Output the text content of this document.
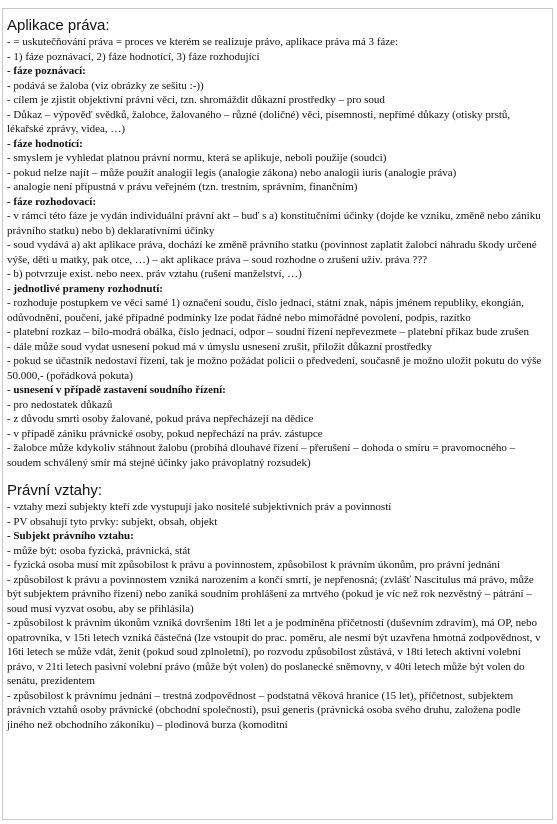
Aplikace práva:

- = uskutečňování práva = proces ve kterém se realizuje právo, aplikace práva má 3 fáze:

- 1) fáze poznávací, 2) fáze hodnotící, 3) fáze rozhodující

- fáze poznávací:

- podává se žaloba (viz obrázky ze sešitu :-))

- cílem je zjistit objektivní právní věci, tzn. shromáždit důkazní prostředky – pro soud

- Důkaz – výpověď svědků, žalobce, žalovaného – různé (doličné) věci, písemnosti, nepřímé důkazy (otisky prstů, lékařské zprávy, videa, …)

- fáze hodnotící:

- smyslem je vyhledat platnou právní normu, která se aplikuje, neboli použije (soudci)

- pokud nelze najít – může použít analogii legis (analogie zákona) nebo analogii iuris (analogie práva)

- analogie není přípustná v právu veřejném (tzn. trestním, správním, finančním)

- fáze rozhodovací:

- v rámci této fáze je vydán individuální právní akt – buď s a) konstitučními účinky (dojde ke vzniku, změně nebo zániku právního statku) nebo b) deklaratívními účinky

- soud vydává a) akt aplikace práva, dochází ke změně právního statku (povinnost zaplatit žalobci náhradu škody určené výše, děti u matky, pak otce, …) – akt aplikace práva – soud rozhodne o zrušení užív. práva ???

- b) potvrzuje exist. nebo neex. práv vztahu (rušení manželství, …)

- jednotlivé prameny rozhodnutí:

- rozhoduje postupkem ve věci samé 1) označení soudu, číslo jednací, státní znak, nápis jménem republiky, ekongián, odůvodnění, poučení, jaké případné podmínky lze podat řádné nebo mimořádné povolení, podpis, razítko

- platební rozkaz – bílo-modrá obálka, číslo jednací, odpor – soudní řízení nepřevezmete – platební příkaz bude zrušen

- dále může soud vydat usnesení pokud má v úmyslu usnesení zrušit, přiložit důkazní prostředky

- pokud se účastník nedostaví řízení, tak je možno požádat policii o předvedení, současně je možno uložit pokutu do výše 50.000,- (pořádková pokuta)

- usnesení v případě zastavení soudního řízení:

- pro nedostatek důkazů

- z důvodu smrti osoby žalované, pokud práva nepřecházejí na dědice

- v případě zániku právnické osoby, pokud nepřechází na práv. zástupce

- žalobce může kdykoliv stáhnout žalobu (probíhá dlouhavé řízení – přerušení – dohoda o smíru = pravomocného – soudem schválený smír má stejné účinky jako právoplatný rozsudek)

Právní vztahy:

- vztahy mezi subjekty kteří zde vystupují jako nositelé subjektivních práv a povinností

- PV obsahují tyto prvky: subjekt, obsah, objekt

- Subjekt právního vztahu:

- může být: osoba fyzická, právnická, stát

- fyzická osoba musí mít způsobilost k právu a povinnostem, způsobilost k právním úkonům, pro právní jednání

- způsobilost k právu a povinnostem vzniká narozením a končí smrtí, je nepřenosná; (zvlášť Nascitulus má právo, může být subjektem právního řízení) nebo zaniká soudním prohlášení za mrtvého (pokud je víc než rok nezvěstný – pátrání – soud musí vyzvat osobu, aby se přihlásila)

- způsobilost k právním úkonům vzniká dovršením 18ti let a je podmíněna příčetností (duševním zdravím), má OP, nebo opatrovníka, v 15ti letech vzniká částečná (lze vstoupit do prac. poměru, ale nesmí být uzavřena hmotná zodpovědnost, v 16ti letech se může vdát, ženit (pokud soud zplnoletní), po rozvodu způsobilost zůstává, v 18ti letech aktivní volební právo, v 21ti letech pasivní volební právo (může být volen) do poslanecké sněmovny, v 40ti letech může být volen do senátu, prezidentem

- způsobilost k právnímu jednání – trestná zodpovědnost – podstatná věková hranice (15 let), příčetnost, subjektem právních vztahů osoby právnické (obchodní společnosti), psui generis (právnická osoba svého druhu, založena podle jiného než obchodního zákoníku) – plodinová burza (komoditní
